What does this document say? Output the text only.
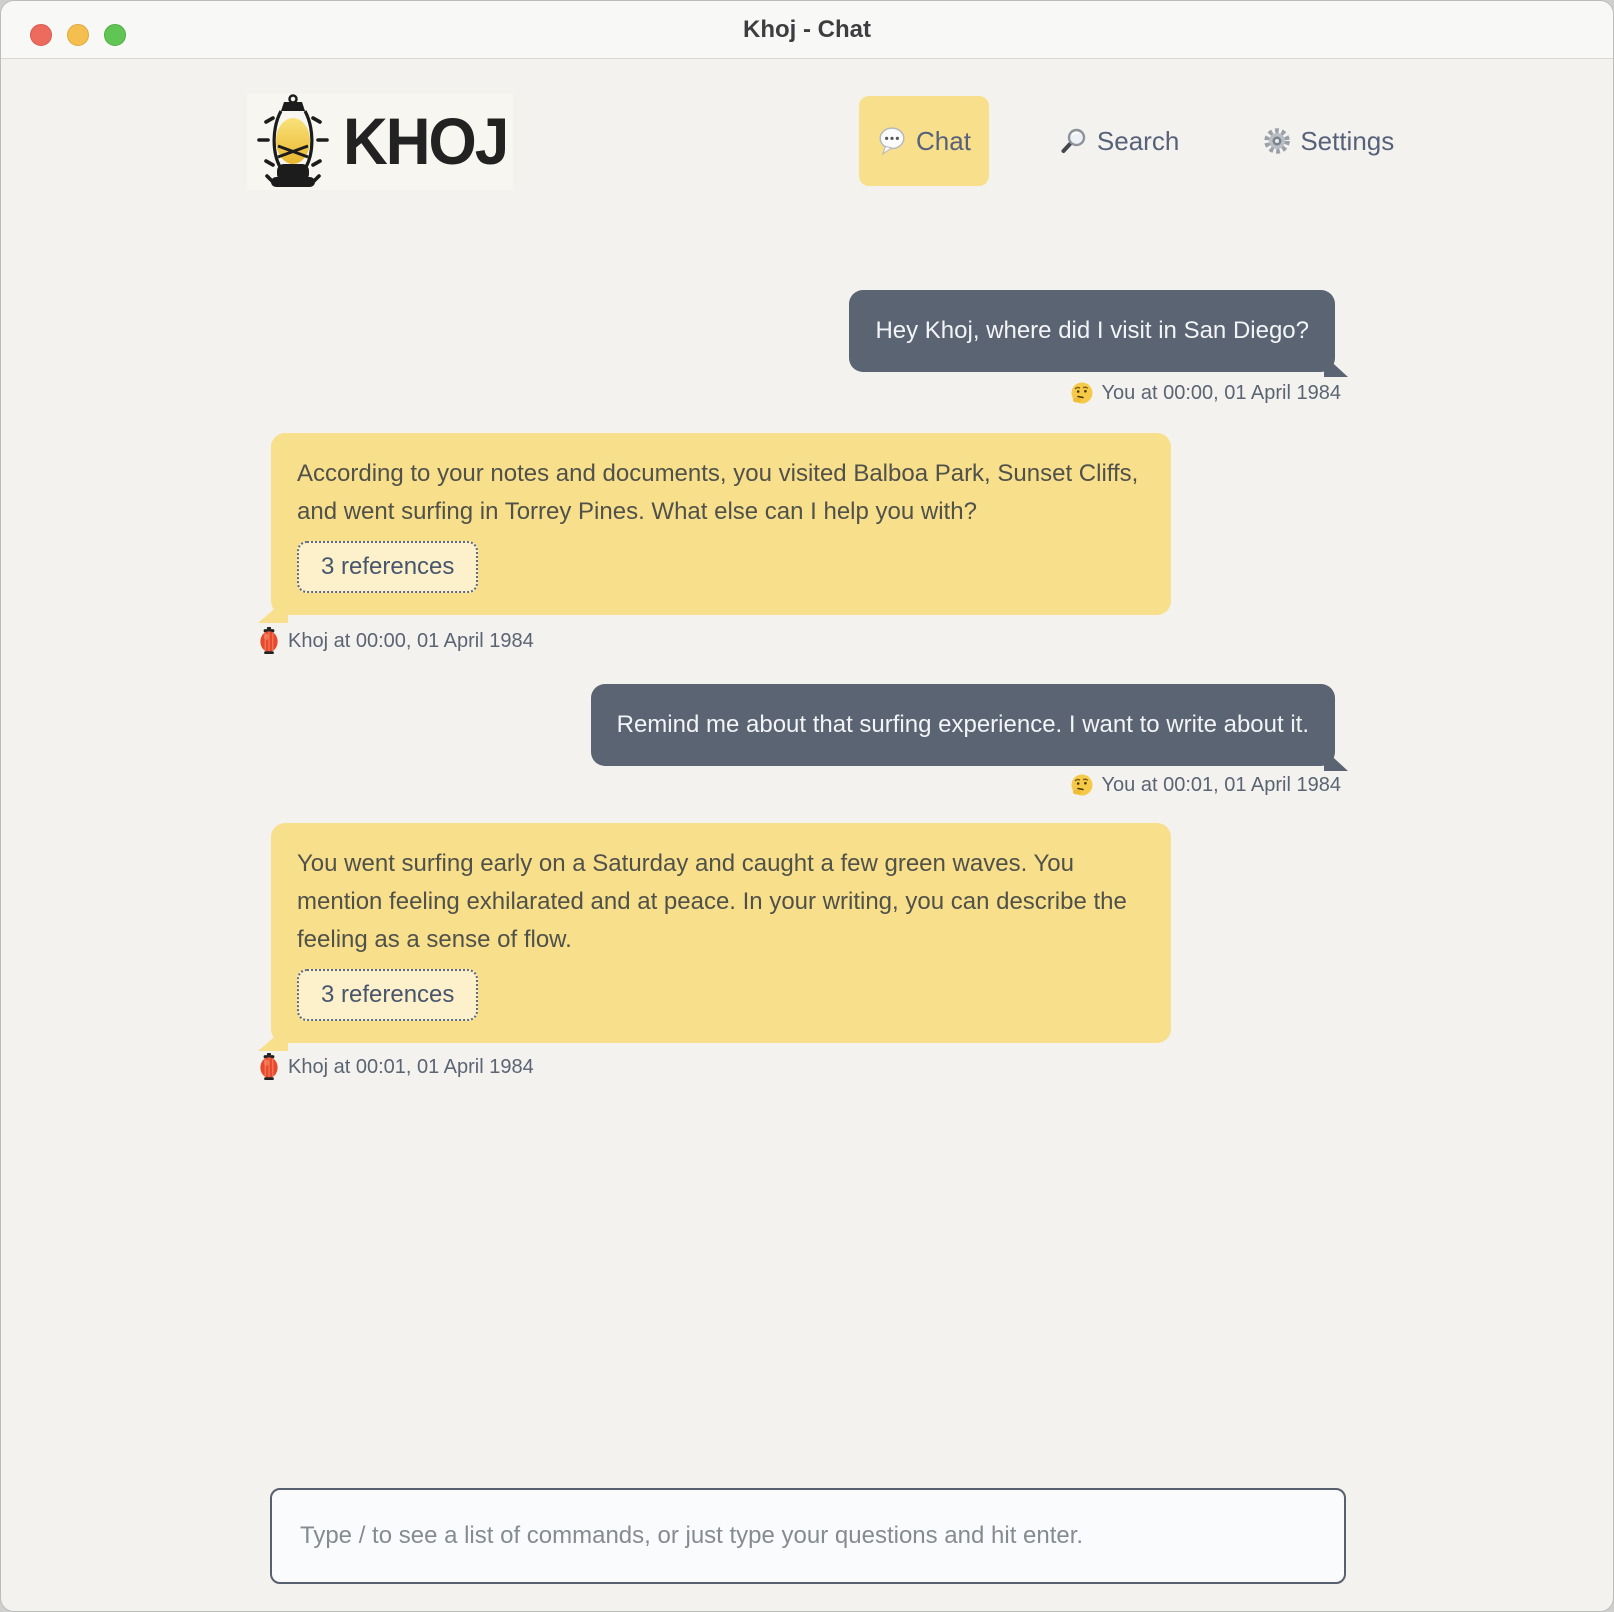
Khoj - Chat
KHOJ	Chat	Search	Settings
Hey Khoj, where did I visit in San Diego?
You at 00:00, 01 April 1984
According to your notes and documents, you visited Balboa Park, Sunset Cliffs, and went surfing in Torrey Pines. What else can I help you with?
3 references
Khoj at 00:00, 01 April 1984
Remind me about that surfing experience. I want to write about it.
You at 00:01, 01 April 1984
You went surfing early on a Saturday and caught a few green waves. You mention feeling exhilarated and at peace. In your writing, you can describe the feeling as a sense of flow.
3 references
Khoj at 00:01, 01 April 1984
Type / to see a list of commands, or just type your questions and hit enter.
